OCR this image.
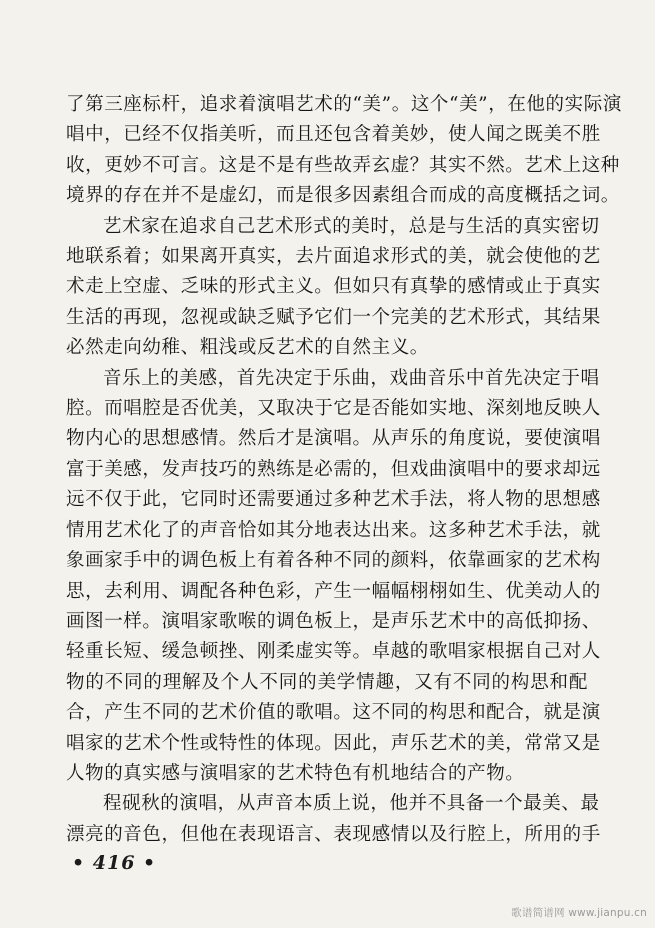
了第三座标杆，追求着演唱艺术的“美”。这个“美”，在他的实际演
唱中，已经不仅指美听，而且还包含着美妙，使人闻之既美不胜
收，更妙不可言。这是不是有些故弄玄虚？其实不然。艺术上这种
境界的存在并不是虚幻，而是很多因素组合而成的高度概括之词。

艺术家在追求自己艺术形式的美时，总是与生活的真实密切
地联系着；如果离开真实，去片面追求形式的美，就会使他的艺
术走上空虚、乏味的形式主义。但如只有真挚的感情或止于真实
生活的再现，忽视或缺乏赋予它们一个完美的艺术形式，其结果
必然走向幼稚、粗浅或反艺术的自然主义。

音乐上的美感，首先决定于乐曲，戏曲音乐中首先决定于唱
腔。而唱腔是否优美，又取决于它是否能如实地、深刻地反映人
物内心的思想感情。然后才是演唱。从声乐的角度说，要使演唱
富于美感，发声技巧的熟练是必需的，但戏曲演唱中的要求却远
远不仅于此，它同时还需要通过多种艺术手法，将人物的思想感
情用艺术化了的声音恰如其分地表达出来。这多种艺术手法，就
象画家手中的调色板上有着各种不同的颜料，依靠画家的艺术构
思，去利用、调配各种色彩，产生一幅幅栩栩如生、优美动人的
画图一样。演唱家歌喉的调色板上，是声乐艺术中的高低抑扬、
轻重长短、缓急顿挫、刚柔虚实等。卓越的歌唱家根据自己对人
物的不同的理解及个人不同的美学情趣，又有不同的构思和配
合，产生不同的艺术价值的歌唱。这不同的构思和配合，就是演
唱家的艺术个性或特性的体现。因此，声乐艺术的美，常常又是
人物的真实感与演唱家的艺术特色有机地结合的产物。

程砚秋的演唱，从声音本质上说，他并不具备一个最美、最
漂亮的音色，但他在表现语言、表现感情以及行腔上，所用的手

• 416 •
歌谱简谱网 www.jianpu.cn
